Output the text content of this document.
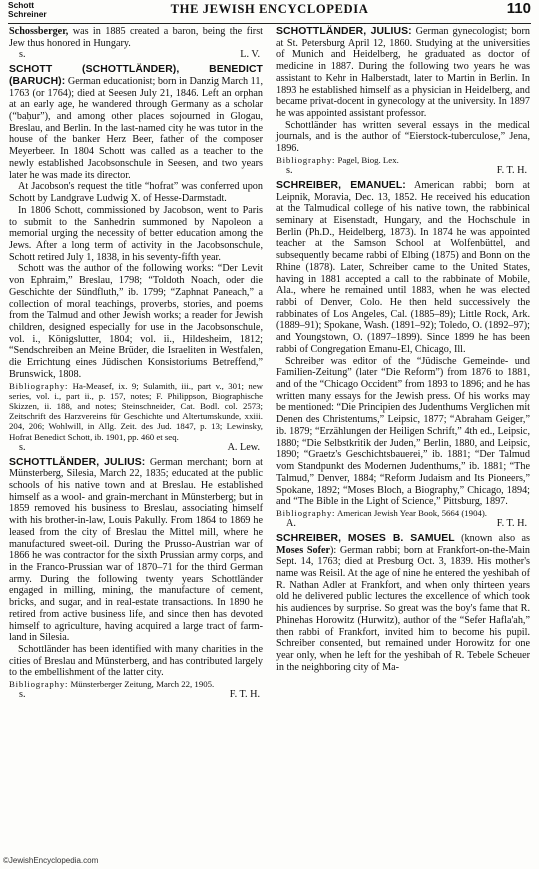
Schott
Schreiner	THE JEWISH ENCYCLOPEDIA	110

Schossberger, was in 1885 created a baron, being the first Jew thus honored in Hungary.

s.	L. V.

SCHOTT (SCHOTTLÄNDER), BENEDICT (BARUCH): German educationist; born in Danzig March 11, 1763 (or 1764); died at Seesen July 21, 1846. Left an orphan at an early age, he wandered through Germany as a scholar (“baḥur”), and among other places sojourned in Glogau, Breslau, and Berlin. In the last-named city he was tutor in the house of the banker Herz Beer, father of the composer Meyerbeer. In 1804 Schott was called as a teacher to the newly established Jacobsonschule in Seesen, and two years later he was made its director.

At Jacobson's request the title “hofrat” was conferred upon Schott by Landgrave Ludwig X. of Hesse-Darmstadt.

In 1806 Schott, commissioned by Jacobson, went to Paris to submit to the Sanhedrin summoned by Napoleon a memorial urging the necessity of better education among the Jews. After a long term of activity in the Jacobsonschule, Schott retired July 1, 1838, in his seventy-fifth year.

Schott was the author of the following works: “Der Levit von Ephraim,” Breslau, 1798; “Toldoth Noach, oder die Geschichte der Sündfluth,” ib. 1799; “Zaphnat Paneach,” a collection of moral teachings, proverbs, stories, and poems from the Talmud and other Jewish works; a reader for Jewish children, designed especially for use in the Jacobsonschule, vol. i., Königslutter, 1804; vol. ii., Hildesheim, 1812; “Sendschreiben an Meine Brüder, die Israeliten in Westfalen, die Errichtung eines Jüdischen Konsistoriums Betreffend,” Brunswick, 1808.

Bibliography: Ha-Measef, ix. 9; Sulamith, iii., part v., 301; new series, vol. i., part ii., p. 157, notes; F. Philippson, Biographische Skizzen, ii. 188, and notes; Steinschneider, Cat. Bodl. col. 2573; Zeitschrift des Harzvereins für Geschichte und Altertumskunde, xxiii. 204, 206; Wohlwill, in Allg. Zeit. des Jud. 1847, p. 13; Lewinsky, Hofrat Benedict Schott, ib. 1901, pp. 460 et seq.

s.	A. Lew.

SCHOTTLÄNDER, JULIUS: German merchant; born at Münsterberg, Silesia, March 22, 1835; educated at the public schools of his native town and at Breslau. He established himself as a wool- and grain-merchant in Münsterberg; but in 1859 removed his business to Breslau, associating himself with his brother-in-law, Louis Pakully. From 1864 to 1869 he leased from the city of Breslau the Mittel mill, where he manufactured sweet-oil. During the Prusso-Austrian war of 1866 he was contractor for the sixth Prussian army corps, and in the Franco-Prussian war of 1870–71 for the third German army. During the following twenty years Schottländer engaged in milling, mining, the manufacture of cement, bricks, and sugar, and in real-estate transactions. In 1890 he retired from active business life, and since then has devoted himself to agriculture, having acquired a large tract of farm-land in Silesia.

Schottländer has been identified with many charities in the cities of Breslau and Münsterberg, and has contributed largely to the embellishment of the latter city.

Bibliography: Münsterberger Zeitung, March 22, 1905.

s.	F. T. H.

SCHOTTLÄNDER, JULIUS: German gynecologist; born at St. Petersburg April 12, 1860. Studying at the universities of Munich and Heidelberg, he graduated as doctor of medicine in 1887. During the following two years he was assistant to Kehr in Halberstadt, later to Martin in Berlin. In 1893 he established himself as a physician in Heidelberg, and became privat-docent in gynecology at the university. In 1897 he was appointed assistant professor.

Schottländer has written several essays in the medical journals, and is the author of “Eierstock-tuberculose,” Jena, 1896.

Bibliography: Pagel, Biog. Lex.

s.	F. T. H.

SCHREIBER, EMANUEL: American rabbi; born at Leipnik, Moravia, Dec. 13, 1852. He received his education at the Talmudical college of his native town, the rabbinical seminary at Eisenstadt, Hungary, and the Hochschule in Berlin (Ph.D., Heidelberg, 1873). In 1874 he was appointed teacher at the Samson School at Wolfenbüttel, and subsequently became rabbi of Elbing (1875) and Bonn on the Rhine (1878). Later, Schreiber came to the United States, having in 1881 accepted a call to the rabbinate of Mobile, Ala., where he remained until 1883, when he was elected rabbi of Denver, Colo. He then held successively the rabbinates of Los Angeles, Cal. (1885–89); Little Rock, Ark. (1889–91); Spokane, Wash. (1891–92); Toledo, O. (1892–97); and Youngstown, O. (1897–1899). Since 1899 he has been rabbi of Congregation Emanu-El, Chicago, Ill.

Schreiber was editor of the “Jüdische Gemeinde- und Familien-Zeitung” (later “Die Reform”) from 1876 to 1881, and of the “Chicago Occident” from 1893 to 1896; and he has written many essays for the Jewish press. Of his works may be mentioned: “Die Principien des Judenthums Verglichen mit Denen des Christentums,” Leipsic, 1877; “Abraham Geiger,” ib. 1879; “Erzählungen der Heiligen Schrift,” 4th ed., Leipsic, 1880; “Die Selbstkritik der Juden,” Berlin, 1880, and Leipsic, 1890; “Graetz's Geschichtsbauerei,” ib. 1881; “Der Talmud vom Standpunkt des Modernen Judenthums,” ib. 1881; “The Talmud,” Denver, 1884; “Reform Judaism and Its Pioneers,” Spokane, 1892; “Moses Bloch, a Biography,” Chicago, 1894; and “The Bible in the Light of Science,” Pittsburg, 1897.

Bibliography: American Jewish Year Book, 5664 (1904).

A.	F. T. H.

SCHREIBER, MOSES B. SAMUEL (known also as Moses Sofer): German rabbi; born at Frankfort-on-the-Main Sept. 14, 1763; died at Presburg Oct. 3, 1839. His mother's name was Reisil. At the age of nine he entered the yeshibah of R. Nathan Adler at Frankfort, and when only thirteen years old he delivered public lectures the excellence of which took his audiences by surprise. So great was the boy's fame that R. Phinehas Horowitz (Hurwitz), author of the “Sefer Hafla'ah,” then rabbi of Frankfort, invited him to become his pupil. Schreiber consented, but remained under Horowitz for one year only, when he left for the yeshibah of R. Tebele Scheuer in the neighboring city of Ma-

©JewishEncyclopedia.com
